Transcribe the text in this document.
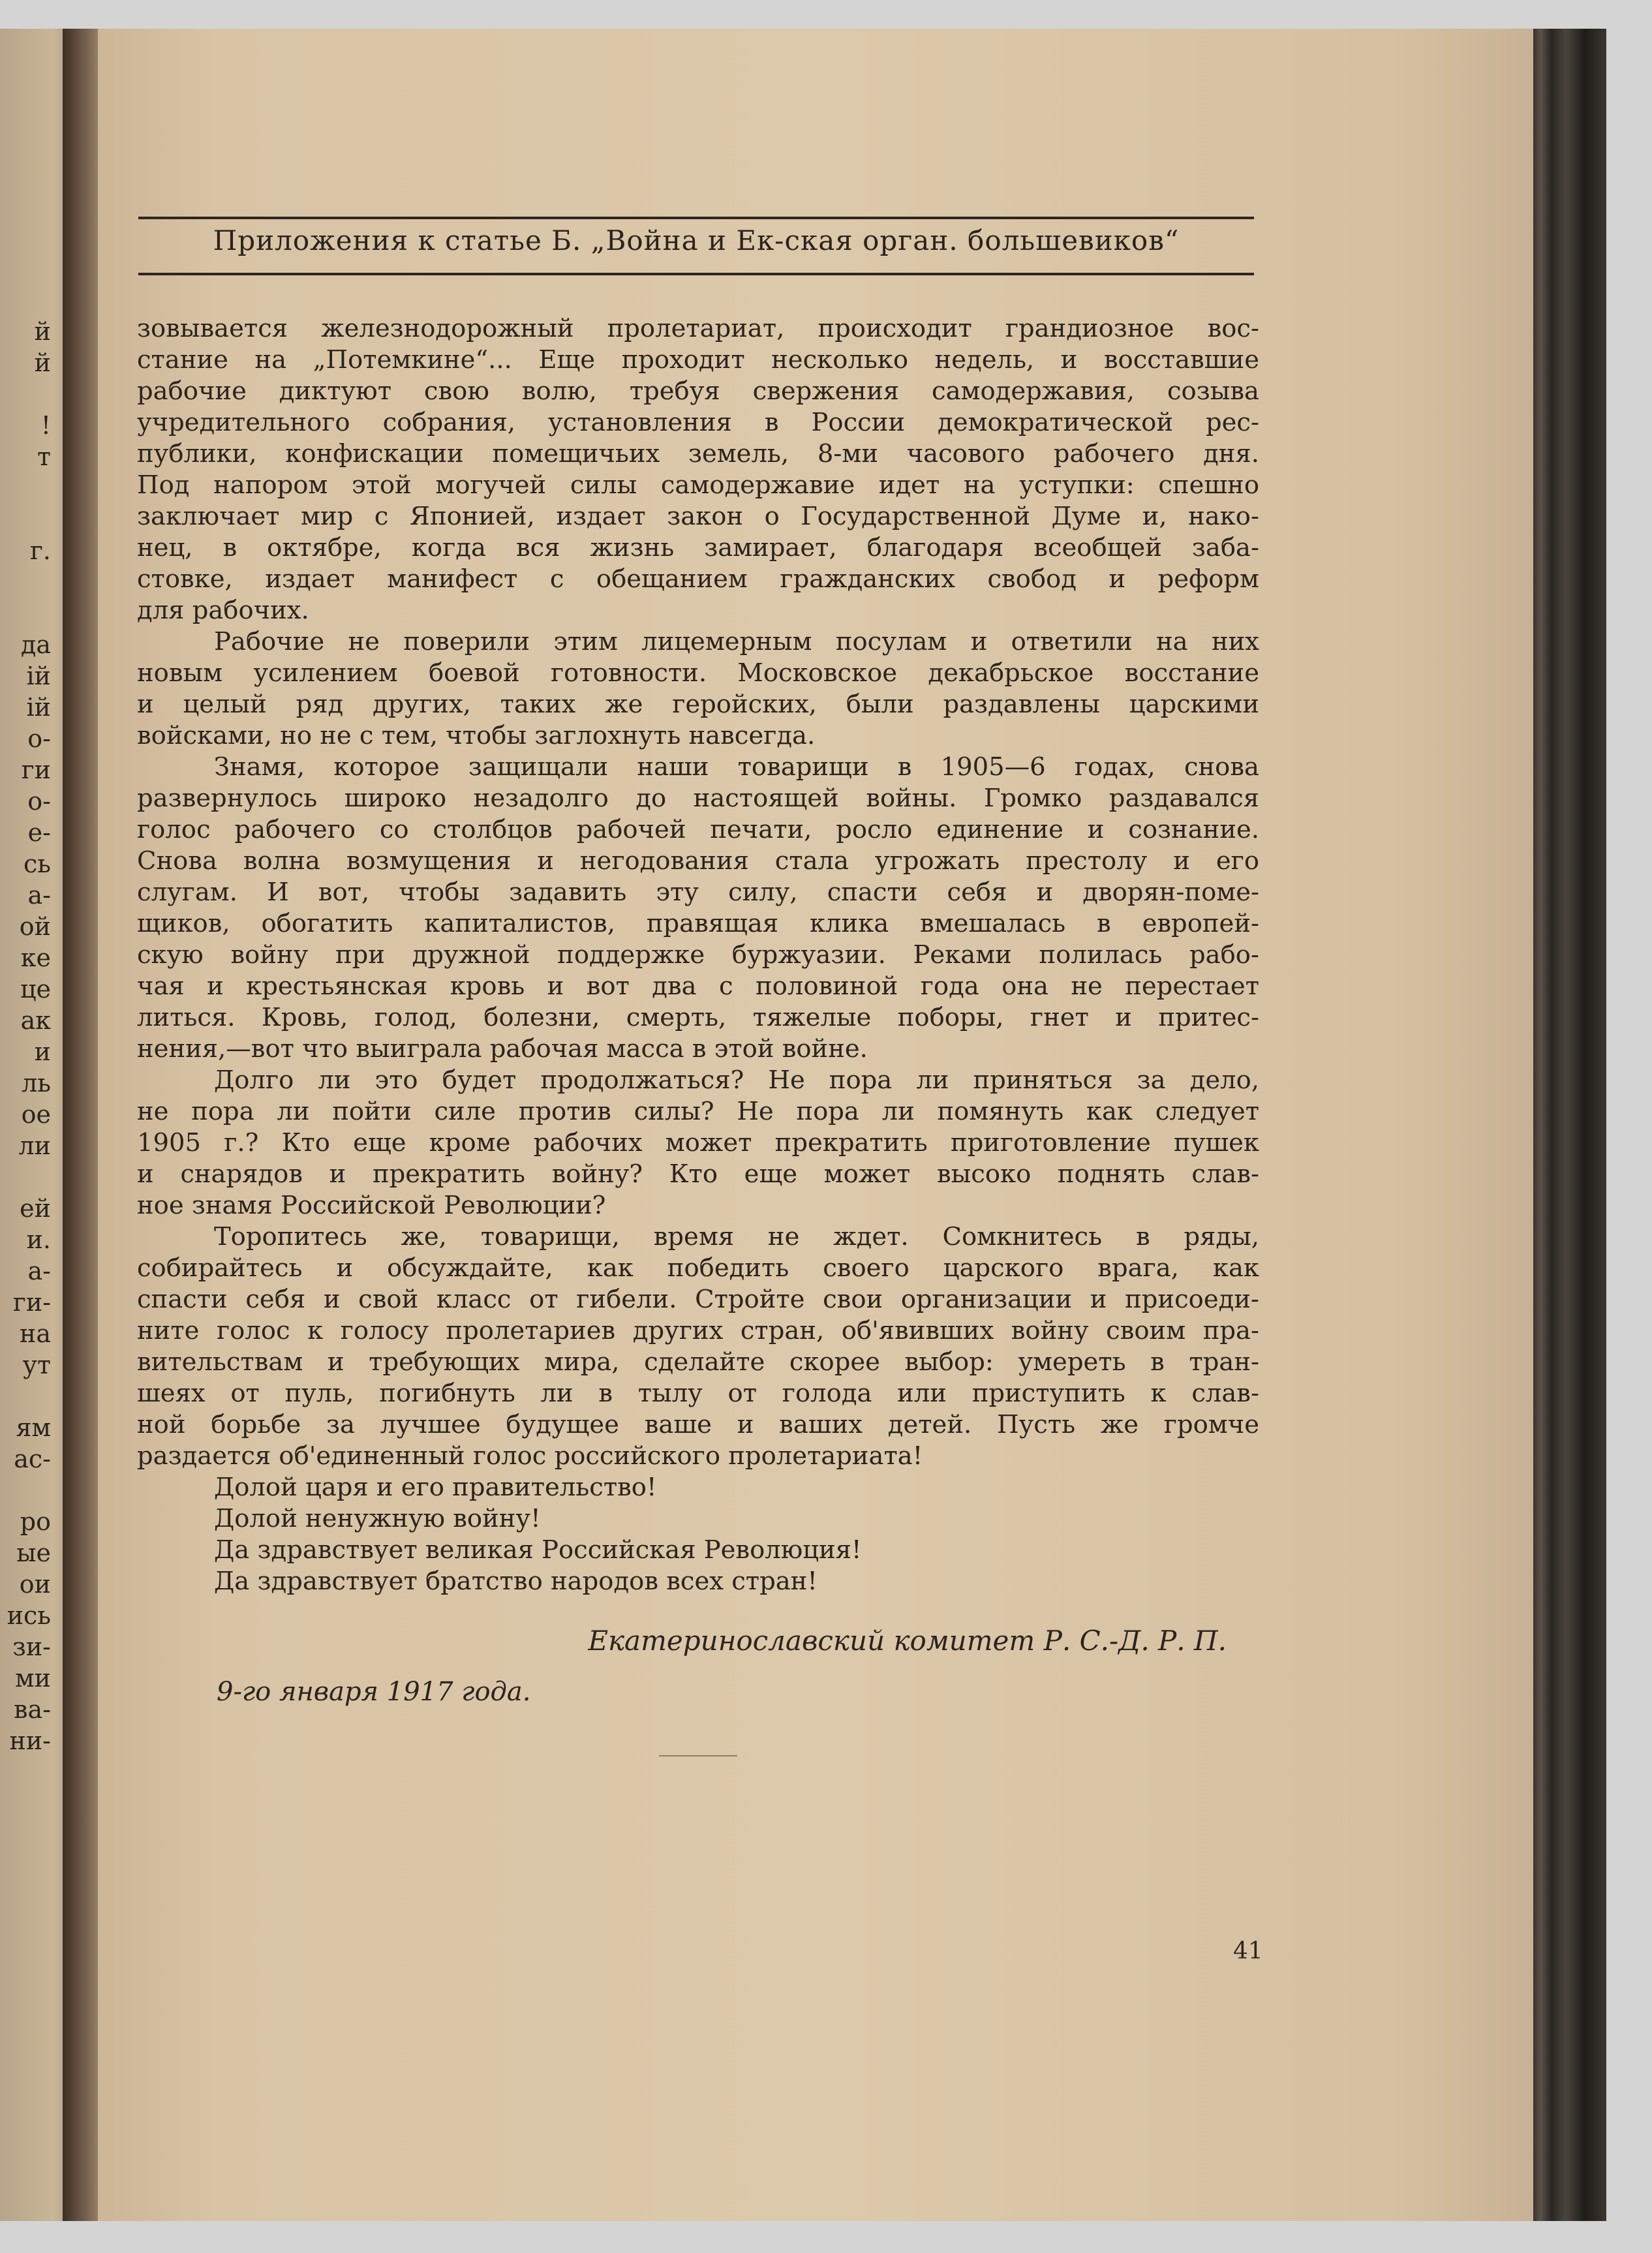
й
й
!
т
г.
да
ій
ій
о-
ги
о-
е-
сь
а-
ой
ке
це
ак
и
ль
ое
ли
ей
и.
а-
ги-
на
ут
ям
ас-
ро
ые
ои
ись
зи-
ми
ва-
ни-
Приложения к статье Б. „Война и Ек-ская орган. большевиков“
зовывается железнодорожный пролетариат, происходит грандиозное вос-
стание на „Потемкине“... Еще проходит несколько недель, и восставшие
рабочие диктуют свою волю, требуя свержения самодержавия, созыва
учредительного собрания, установления в России демократической рес-
публики, конфискации помещичьих земель, 8-ми часового рабочего дня.
Под напором этой могучей силы самодержавие идет на уступки: спешно
заключает мир с Японией, издает закон о Государственной Думе и, нако-
нец, в октябре, когда вся жизнь замирает, благодаря всеобщей заба-
стовке, издает манифест с обещанием гражданских свобод и реформ
для рабочих.
Рабочие не поверили этим лицемерным посулам и ответили на них
новым усилением боевой готовности. Московское декабрьское восстание
и целый ряд других, таких же геройских, были раздавлены царскими
войсками, но не с тем, чтобы заглохнуть навсегда.
Знамя, которое защищали наши товарищи в 1905—6 годах, снова
развернулось широко незадолго до настоящей войны. Громко раздавался
голос рабочего со столбцов рабочей печати, росло единение и сознание.
Снова волна возмущения и негодования стала угрожать престолу и его
слугам. И вот, чтобы задавить эту силу, спасти себя и дворян-поме-
щиков, обогатить капиталистов, правящая клика вмешалась в европей-
скую войну при дружной поддержке буржуазии. Реками полилась рабо-
чая и крестьянская кровь и вот два с половиной года она не перестает
литься. Кровь, голод, болезни, смерть, тяжелые поборы, гнет и притес-
нения,—вот что выиграла рабочая масса в этой войне.
Долго ли это будет продолжаться? Не пора ли приняться за дело,
не пора ли пойти силе против силы? Не пора ли помянуть как следует
1905 г.? Кто еще кроме рабочих может прекратить приготовление пушек
и снарядов и прекратить войну? Кто еще может высоко поднять слав-
ное знамя Российской Революции?
Торопитесь же, товарищи, время не ждет. Сомкнитесь в ряды,
собирайтесь и обсуждайте, как победить своего царского врага, как
спасти себя и свой класс от гибели. Стройте свои организации и присоеди-
ните голос к голосу пролетариев других стран, об'явивших войну своим пра-
вительствам и требующих мира, сделайте скорее выбор: умереть в тран-
шеях от пуль, погибнуть ли в тылу от голода или приступить к слав-
ной борьбе за лучшее будущее ваше и ваших детей. Пусть же громче
раздается об'единенный голос российского пролетариата!
Долой царя и его правительство!
Долой ненужную войну!
Да здравствует великая Российская Революция!
Да здравствует братство народов всех стран!
Екатеринославский комитет Р. С.-Д. Р. П.
9-го января 1917 года.
41
